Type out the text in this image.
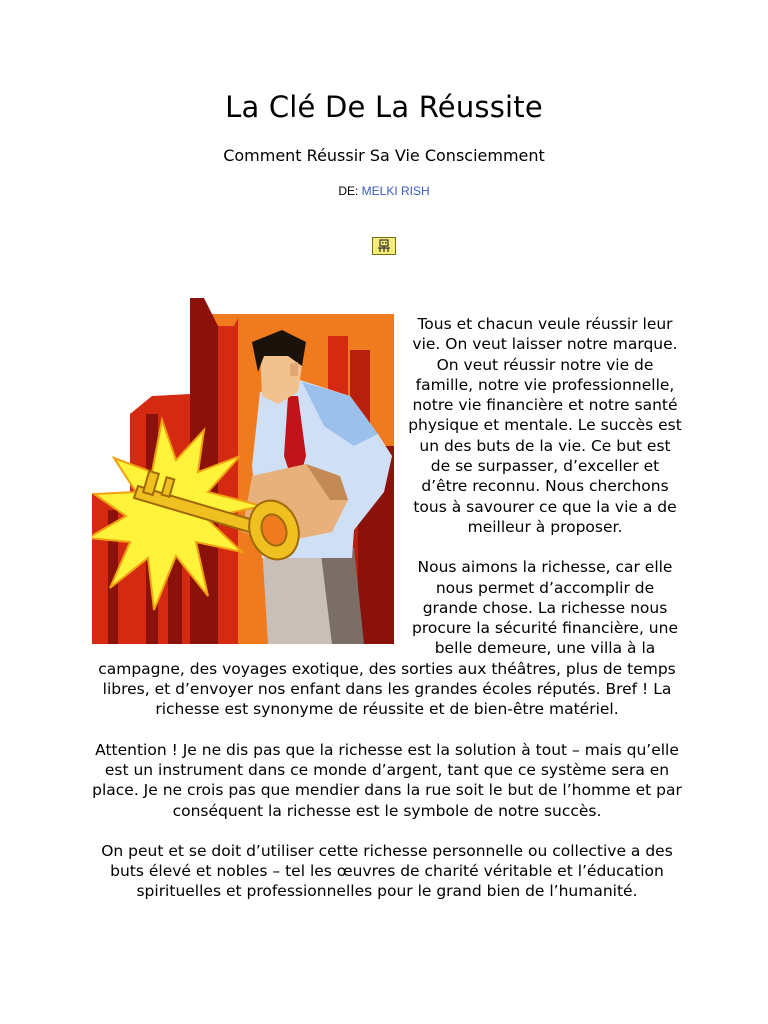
La Clé De La Réussite
Comment Réussir Sa Vie Consciemment
DE: MELKI RISH

Tous et chacun veule réussir leur vie. On veut laisser notre marque. On veut réussir notre vie de famille, notre vie professionnelle, notre vie financière et notre santé physique et mentale. Le succès est un des buts de la vie. Ce but est de se surpasser, d’exceller et d’être reconnu. Nous cherchons tous à savourer ce que la vie a de meilleur à proposer.

Nous aimons la richesse, car elle nous permet d’accomplir de grande chose. La richesse nous procure la sécurité financière, une belle demeure, une villa à la campagne, des voyages exotique, des sorties aux théâtres, plus de temps libres, et d’envoyer nos enfant dans les grandes écoles réputés. Bref ! La richesse est synonyme de réussite et de bien-être matériel.

Attention ! Je ne dis pas que la richesse est la solution à tout – mais qu’elle est un instrument dans ce monde d’argent, tant que ce système sera en place. Je ne crois pas que mendier dans la rue soit le but de l’homme et par conséquent la richesse est le symbole de notre succès.

On peut et se doit d’utiliser cette richesse personnelle ou collective a des buts élevé et nobles – tel les œuvres de charité véritable et l’éducation spirituelles et professionnelles pour le grand bien de l’humanité.
